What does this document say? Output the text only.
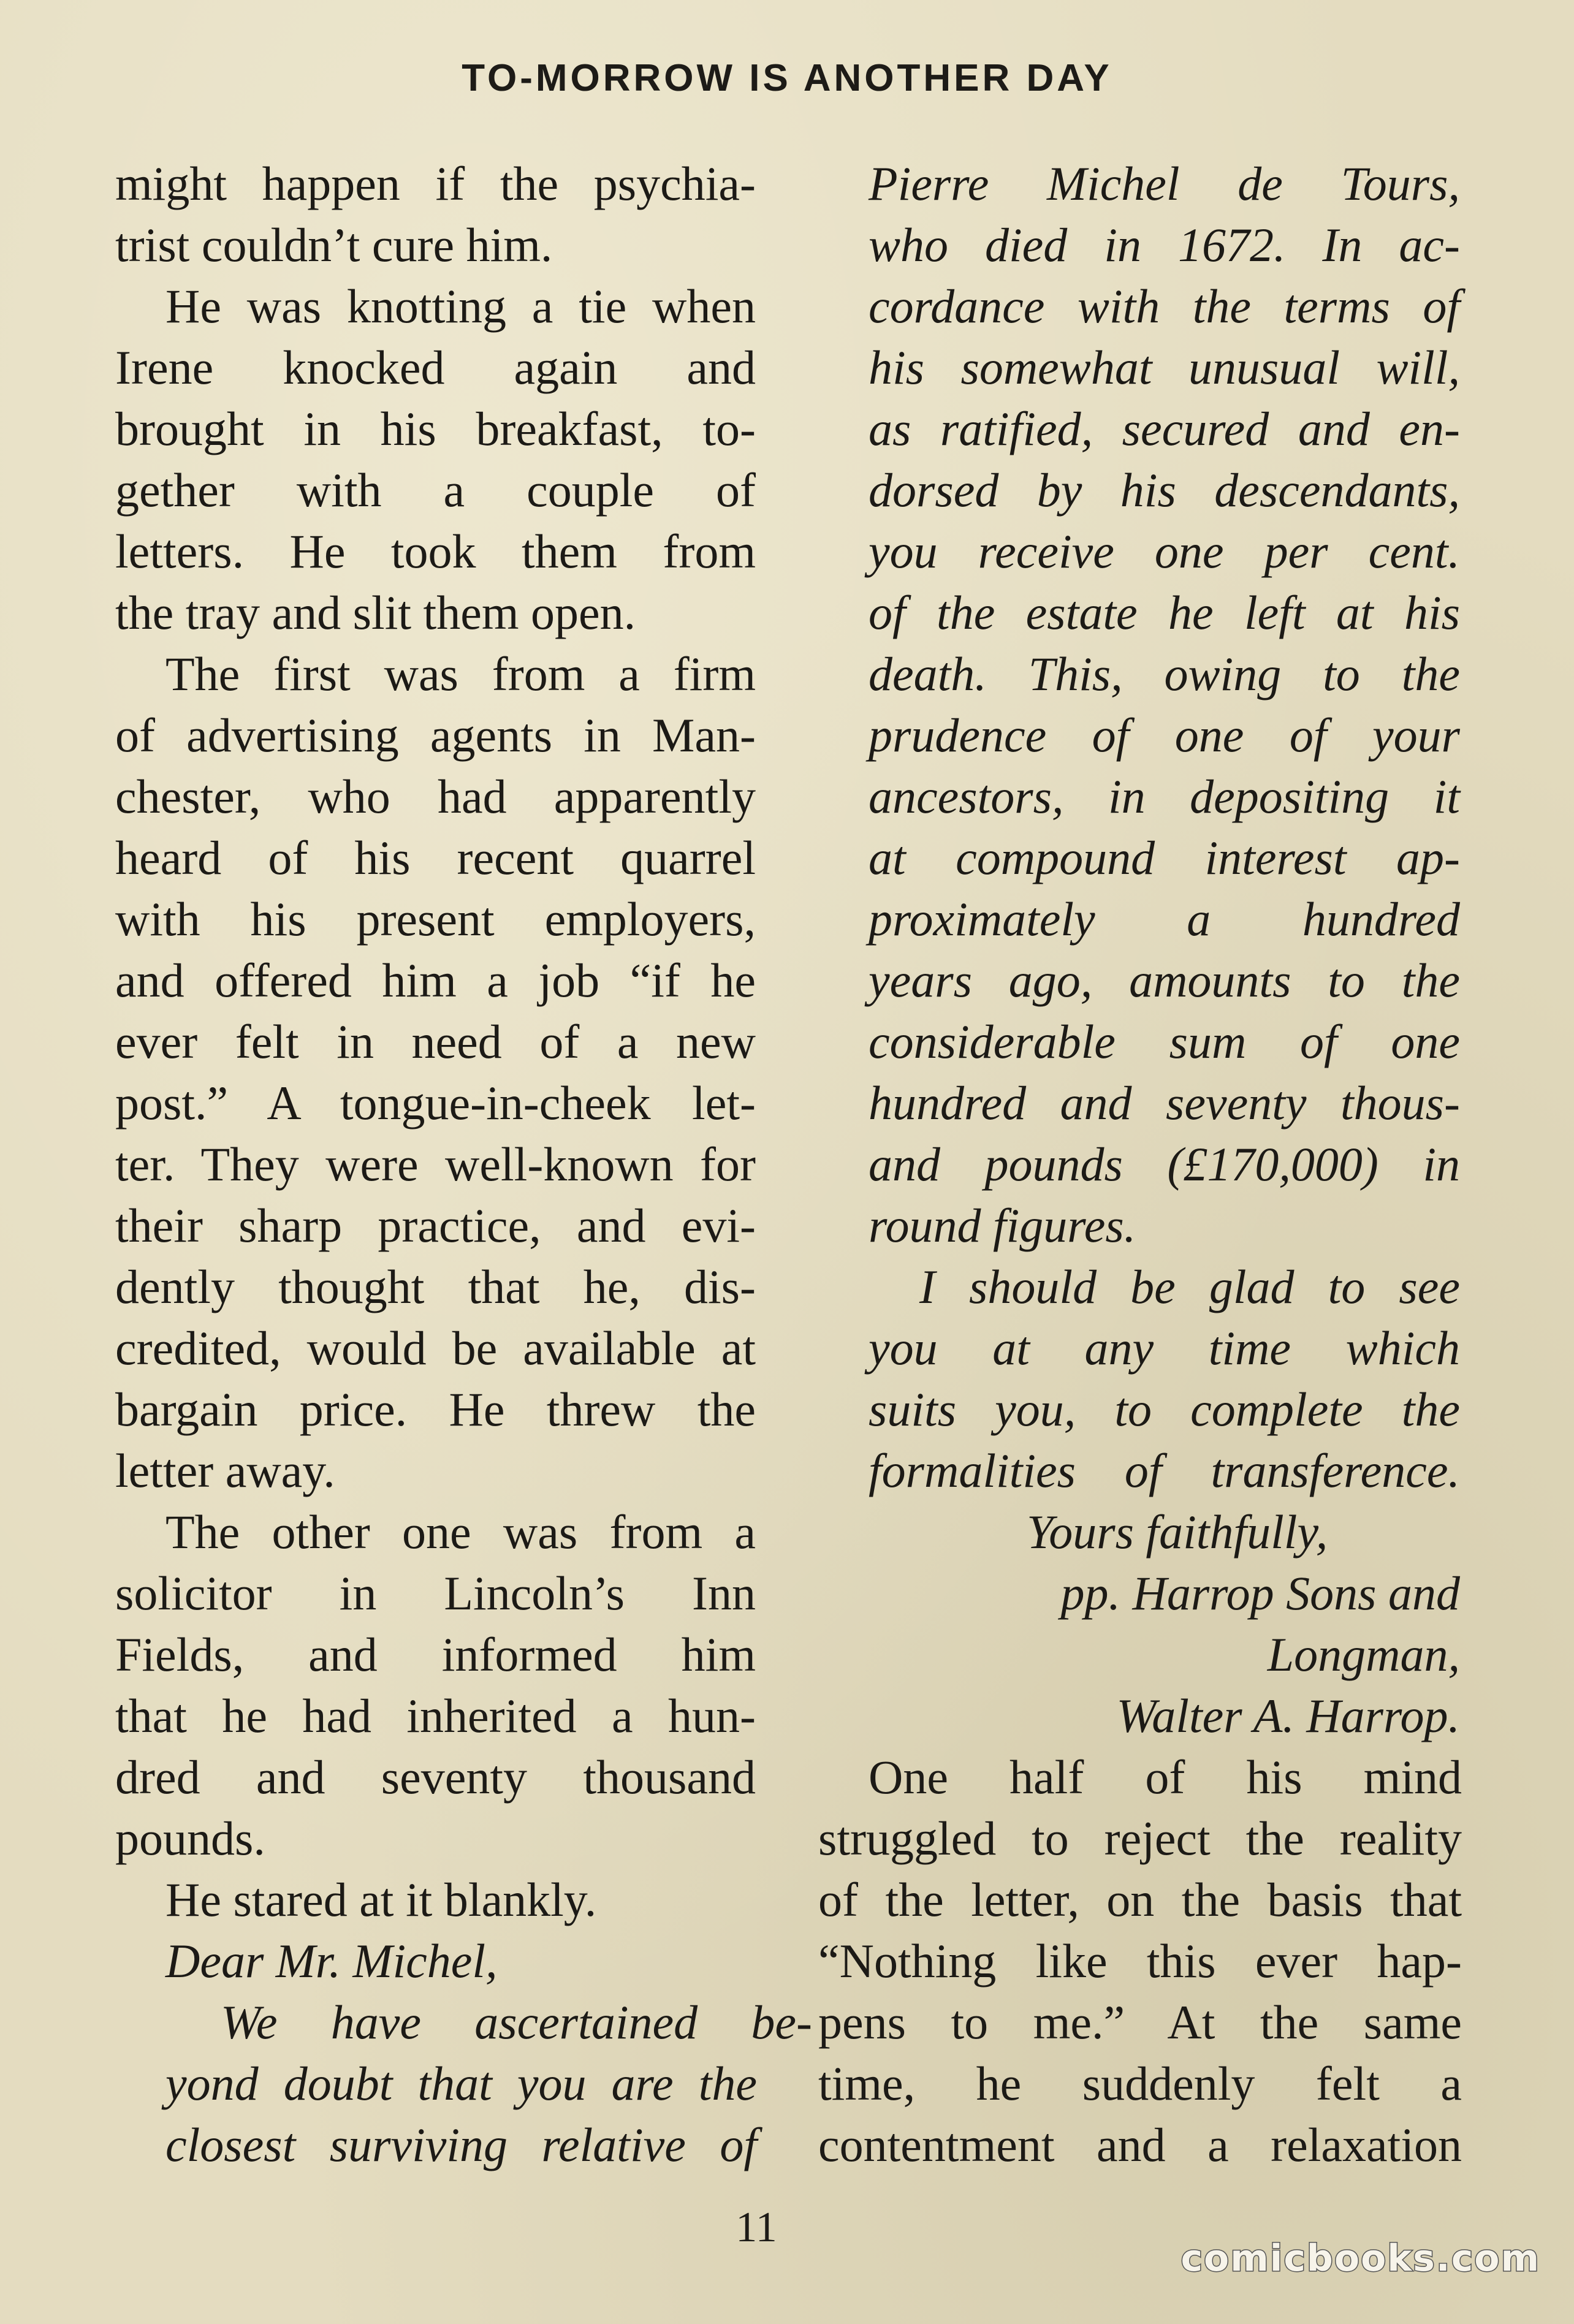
TO-MORROW IS ANOTHER DAY
might happen if the psychia-
trist couldn’t cure him.
He was knotting a tie when
Irene knocked again and
brought in his breakfast, to-
gether with a couple of
letters. He took them from
the tray and slit them open.
The first was from a firm
of advertising agents in Man-
chester, who had apparently
heard of his recent quarrel
with his present employers,
and offered him a job “if he
ever felt in need of a new
post.” A tongue-in-cheek let-
ter. They were well-known for
their sharp practice, and evi-
dently thought that he, dis-
credited, would be available at
bargain price. He threw the
letter away.
The other one was from a
solicitor in Lincoln’s Inn
Fields, and informed him
that he had inherited a hun-
dred and seventy thousand
pounds.
He stared at it blankly.
Dear Mr. Michel,
We have ascertained be-
yond doubt that you are the
closest surviving relative of
Pierre Michel de Tours,
who died in 1672. In ac-
cordance with the terms of
his somewhat unusual will,
as ratified, secured and en-
dorsed by his descendants,
you receive one per cent.
of the estate he left at his
death. This, owing to the
prudence of one of your
ancestors, in depositing it
at compound interest ap-
proximately a hundred
years ago, amounts to the
considerable sum of one
hundred and seventy thous-
and pounds (£170,000) in
round figures.
I should be glad to see
you at any time which
suits you, to complete the
formalities of transference.
Yours faithfully,
pp. Harrop Sons and
Longman,
Walter A. Harrop.
One half of his mind
struggled to reject the reality
of the letter, on the basis that
“Nothing like this ever hap-
pens to me.” At the same
time, he suddenly felt a
contentment and a relaxation
11
comicbooks.com
